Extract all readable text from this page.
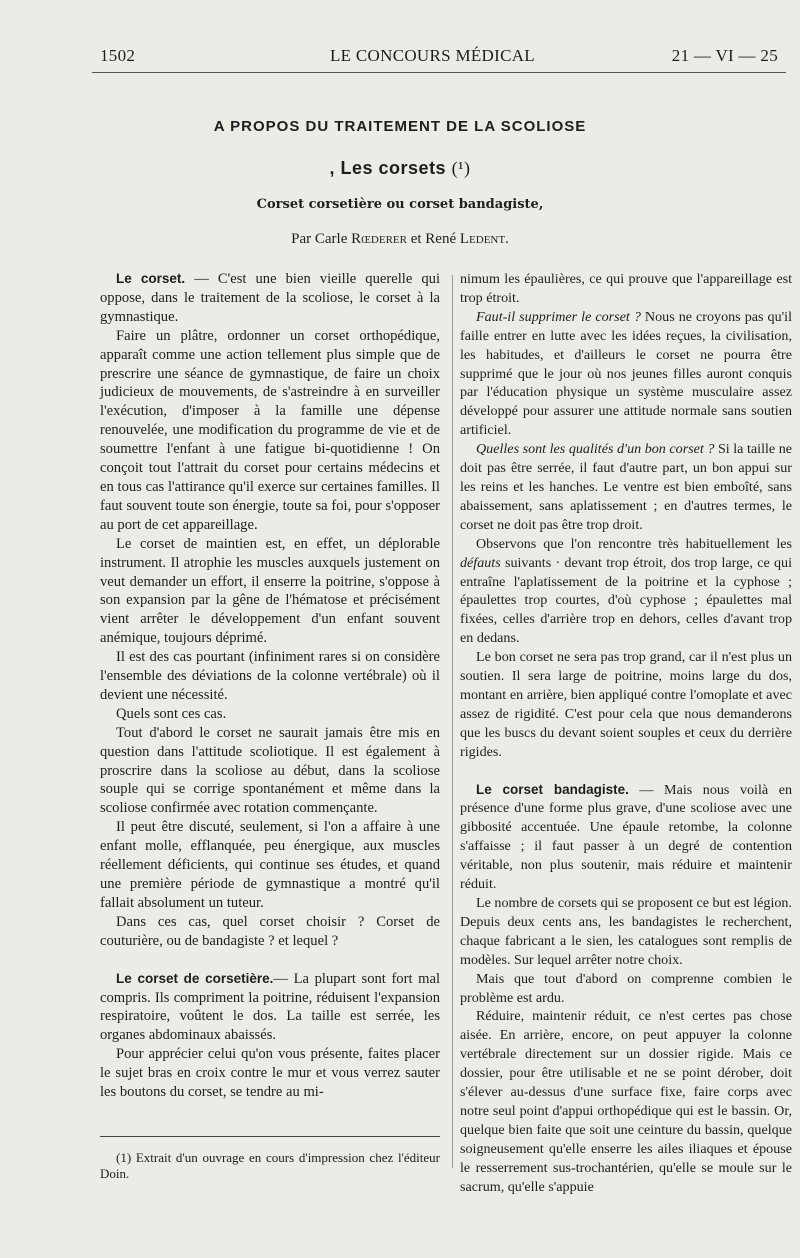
1502	LE CONCOURS MÉDICAL	21 — VI — 25
A PROPOS DU TRAITEMENT DE LA SCOLIOSE
, Les corsets (¹)
Corset corsetière ou corset bandagiste,
Par Carle Rœderer et René Ledent.

Le corset. — C'est une bien vieille querelle qui oppose, dans le traitement de la scoliose, le corset à la gymnastique.

Faire un plâtre, ordonner un corset orthopédique, apparaît comme une action tellement plus simple que de prescrire une séance de gymnastique, de faire un choix judicieux de mouvements, de s'astreindre à en surveiller l'exécution, d'imposer à la famille une dépense renouvelée, une modification du programme de vie et de soumettre l'enfant à une fatigue bi-quotidienne ! On conçoit tout l'attrait du corset pour certains médecins et en tous cas l'attirance qu'il exerce sur certaines familles. Il faut souvent toute son énergie, toute sa foi, pour s'opposer au port de cet appareillage.

Le corset de maintien est, en effet, un déplorable instrument. Il atrophie les muscles auxquels justement on veut demander un effort, il enserre la poitrine, s'oppose à son expansion par la gêne de l'hématose et précisément vient arrêter le développement d'un enfant souvent anémique, toujours déprimé.

Il est des cas pourtant (infiniment rares si on considère l'ensemble des déviations de la colonne vertébrale) où il devient une nécessité.

Quels sont ces cas.

Tout d'abord le corset ne saurait jamais être mis en question dans l'attitude scoliotique. Il est également à proscrire dans la scoliose au début, dans la scoliose souple qui se corrige spontanément et même dans la scoliose confirmée avec rotation commençante.

Il peut être discuté, seulement, si l'on a affaire à une enfant molle, efflanquée, peu énergique, aux muscles réellement déficients, qui continue ses études, et quand une première période de gymnastique a montré qu'il fallait absolument un tuteur.

Dans ces cas, quel corset choisir ? Corset de couturière, ou de bandagiste ? et lequel ?

Le corset de corsetière.— La plupart sont fort mal compris. Ils compriment la poitrine, réduisent l'expansion respiratoire, voûtent le dos. La taille est serrée, les organes abdominaux abaissés.

Pour apprécier celui qu'on vous présente, faites placer le sujet bras en croix contre le mur et vous verrez sauter les boutons du corset, se tendre au mi-

nimum les épaulières, ce qui prouve que l'appareillage est trop étroit.

Faut-il supprimer le corset ? Nous ne croyons pas qu'il faille entrer en lutte avec les idées reçues, la civilisation, les habitudes, et d'ailleurs le corset ne pourra être supprimé que le jour où nos jeunes filles auront conquis par l'éducation physique un système musculaire assez développé pour assurer une attitude normale sans soutien artificiel.

Quelles sont les qualités d'un bon corset ? Si la taille ne doit pas être serrée, il faut d'autre part, un bon appui sur les reins et les hanches. Le ventre est bien emboîté, sans abaissement, sans aplatissement ; en d'autres termes, le corset ne doit pas être trop droit.

Observons que l'on rencontre très habituellement les défauts suivants · devant trop étroit, dos trop large, ce qui entraîne l'aplatissement de la poitrine et la cyphose ; épaulettes trop courtes, d'où cyphose ; épaulettes mal fixées, celles d'arrière trop en dehors, celles d'avant trop en dedans.

Le bon corset ne sera pas trop grand, car il n'est plus un soutien. Il sera large de poitrine, moins large du dos, montant en arrière, bien appliqué contre l'omoplate et avec assez de rigidité. C'est pour cela que nous demanderons que les buscs du devant soient souples et ceux du derrière rigides.

Le corset bandagiste. — Mais nous voilà en présence d'une forme plus grave, d'une scoliose avec une gibbosité accentuée. Une épaule retombe, la colonne s'affaisse ; il faut passer à un degré de contention véritable, non plus soutenir, mais réduire et maintenir réduit.

Le nombre de corsets qui se proposent ce but est légion. Depuis deux cents ans, les bandagistes le recherchent, chaque fabricant a le sien, les catalogues sont remplis de modèles. Sur lequel arrêter notre choix.

Mais que tout d'abord on comprenne combien le problème est ardu.

Réduire, maintenir réduit, ce n'est certes pas chose aisée. En arrière, encore, on peut appuyer la colonne vertébrale directement sur un dossier rigide. Mais ce dossier, pour être utilisable et ne se point dérober, doit s'élever au-dessus d'une surface fixe, faire corps avec notre seul point d'appui orthopédique qui est le bassin. Or, quelque bien faite que soit une ceinture du bassin, quelque soigneusement qu'elle enserre les ailes iliaques et épouse le resserrement sus-trochantérien, qu'elle se moule sur le sacrum, qu'elle s'appuie

(1) Extrait d'un ouvrage en cours d'impression chez l'éditeur Doin.
